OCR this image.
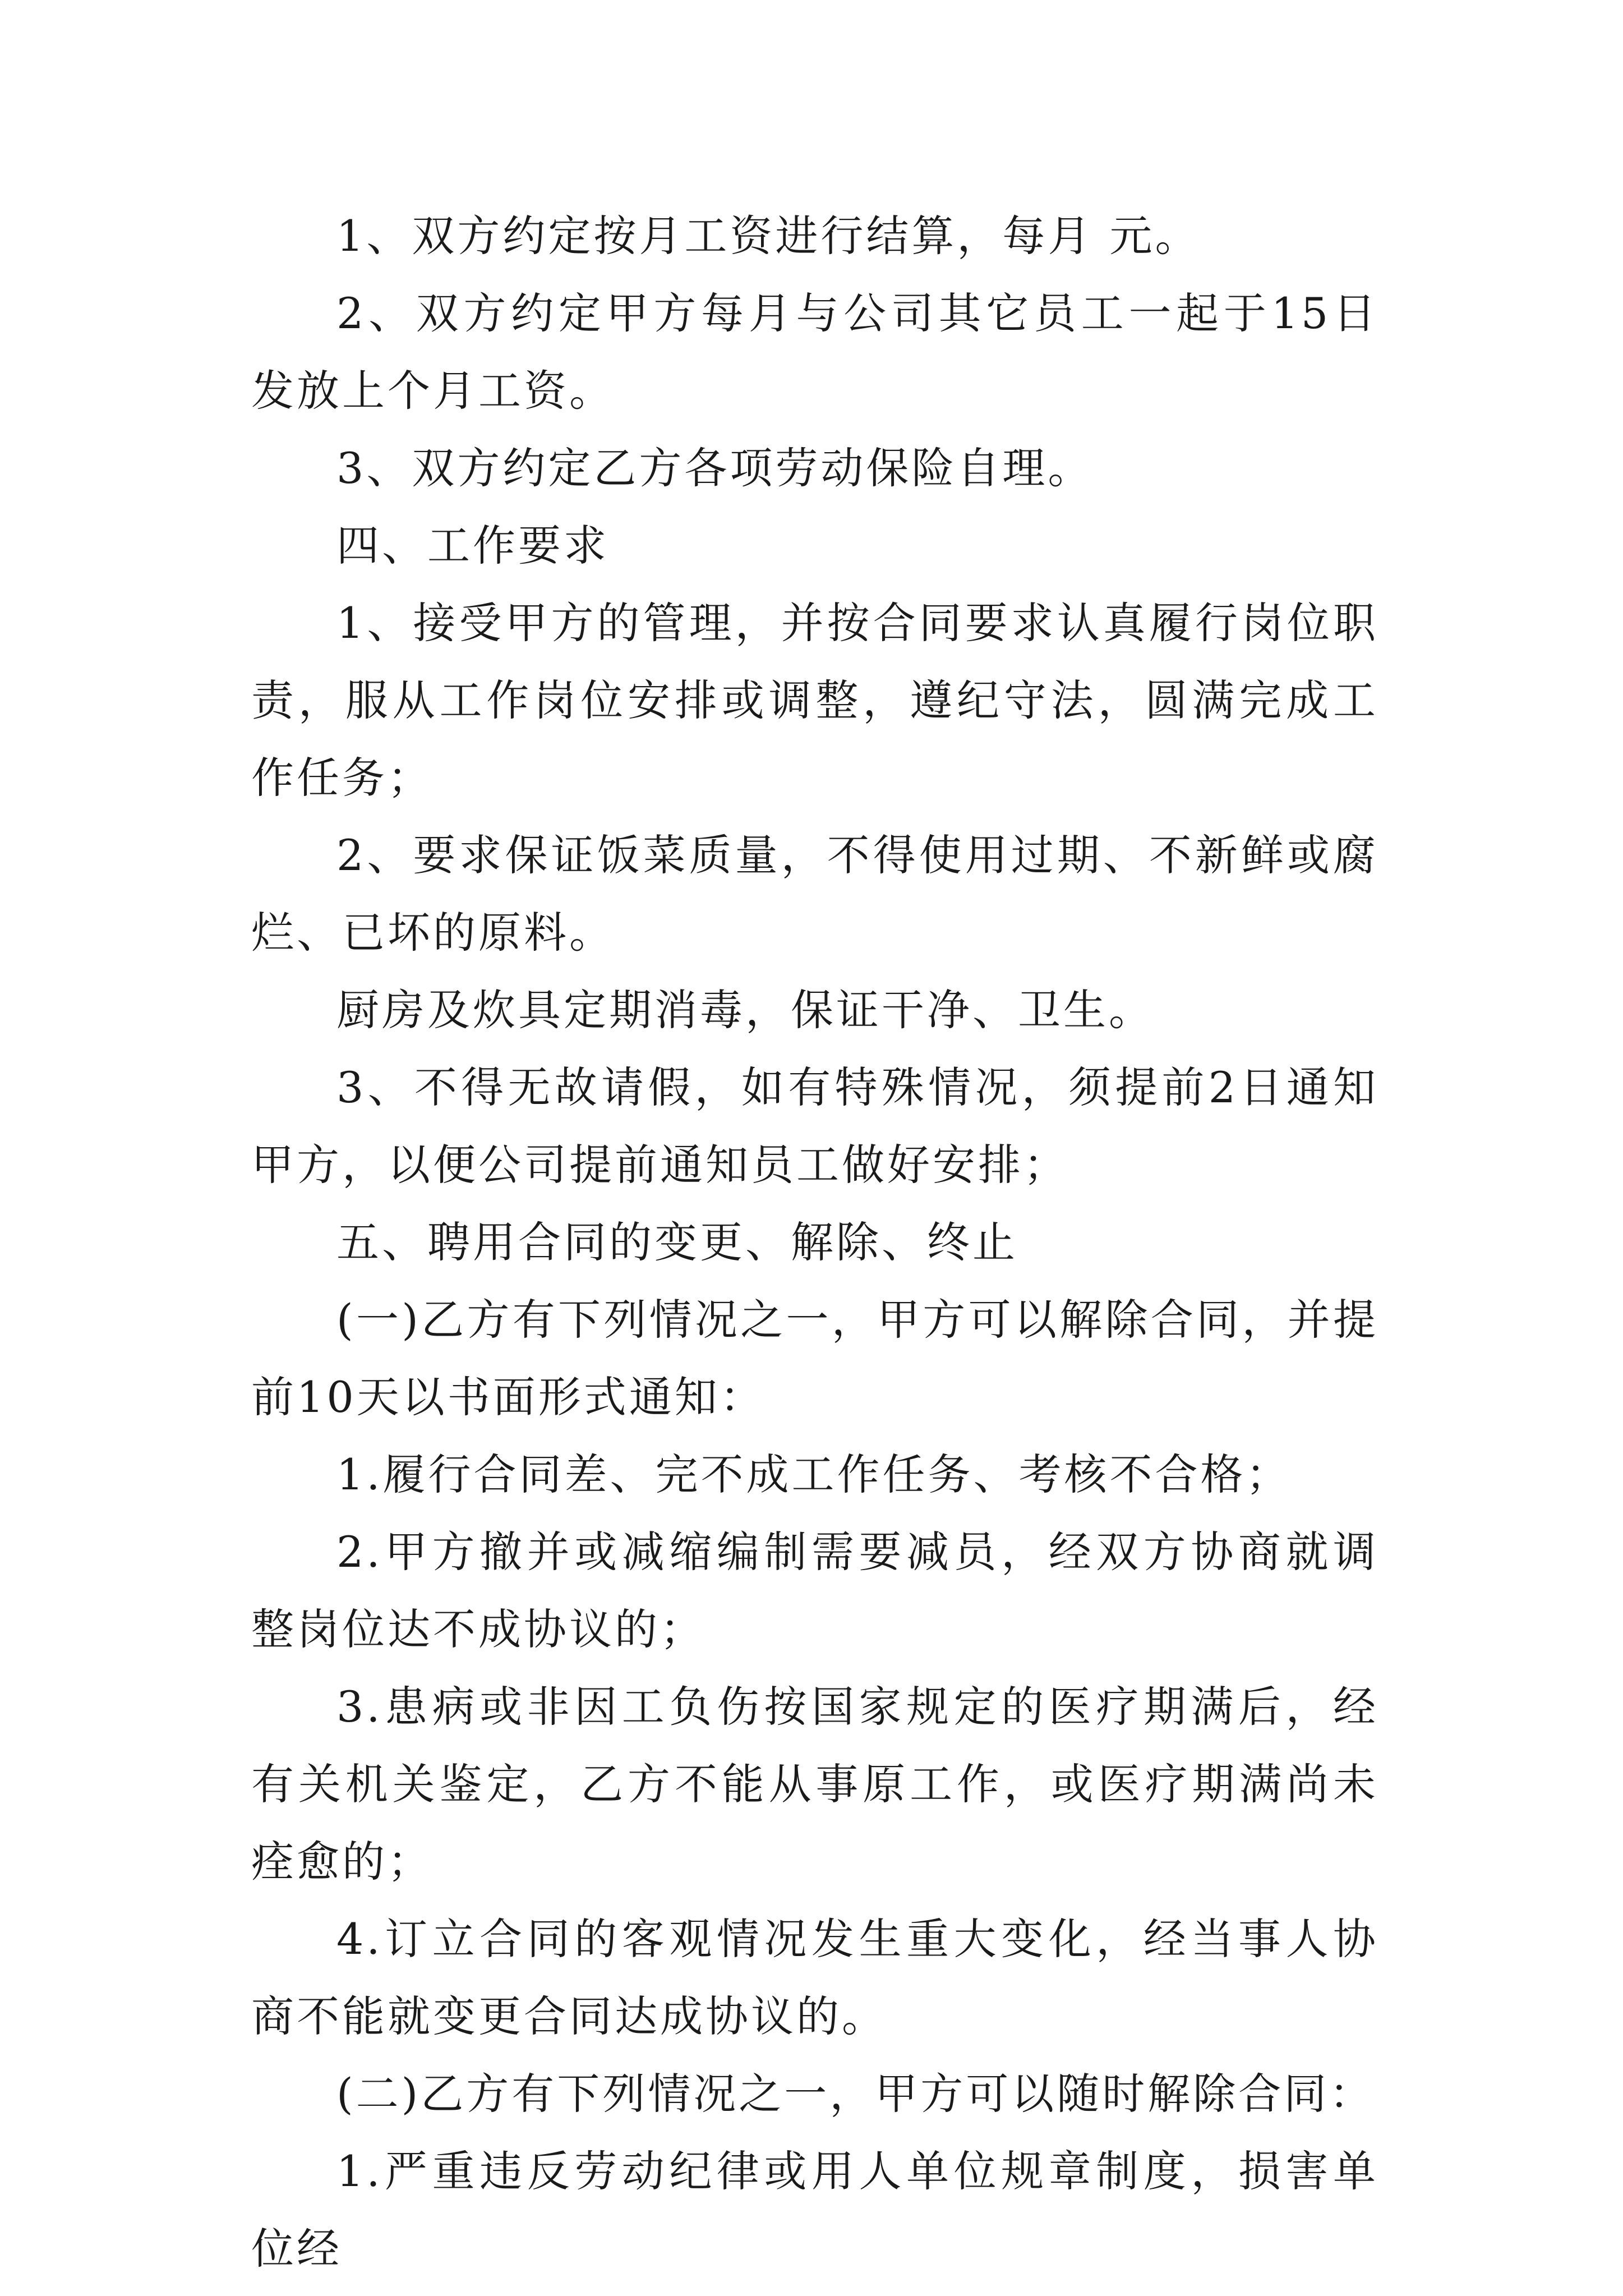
1、双方约定按月工资进行结算，每月 元。

2、双方约定甲方每月与公司其它员工一起于15日发放上个月工资。

3、双方约定乙方各项劳动保险自理。

四、工作要求

1、接受甲方的管理，并按合同要求认真履行岗位职责，服从工作岗位安排或调整，遵纪守法，圆满完成工作任务；

2、要求保证饭菜质量，不得使用过期、不新鲜或腐烂、已坏的原料。

厨房及炊具定期消毒，保证干净、卫生。

3、不得无故请假，如有特殊情况，须提前2日通知甲方，以便公司提前通知员工做好安排；

五、聘用合同的变更、解除、终止

(一)乙方有下列情况之一，甲方可以解除合同，并提前10天以书面形式通知：

1.履行合同差、完不成工作任务、考核不合格；

2.甲方撤并或减缩编制需要减员，经双方协商就调整岗位达不成协议的；

3.患病或非因工负伤按国家规定的医疗期满后，经有关机关鉴定，乙方不能从事原工作，或医疗期满尚未痊愈的；

4.订立合同的客观情况发生重大变化，经当事人协商不能就变更合同达成协议的。

(二)乙方有下列情况之一，甲方可以随时解除合同：

1.严重违反劳动纪律或用人单位规章制度，损害单位经
